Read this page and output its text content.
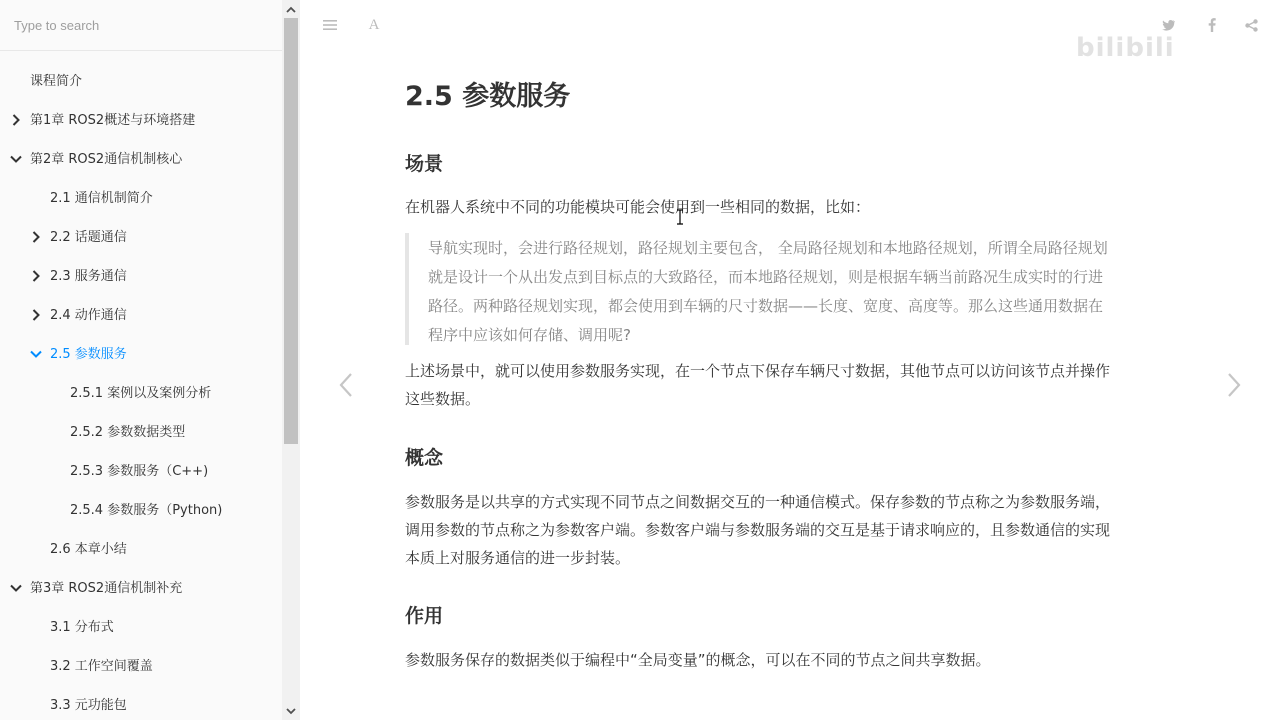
Type to search
课程简介
第1章 ROS2概述与环境搭建
第2章 ROS2通信机制核心
2.1 通信机制简介
2.2 话题通信
2.3 服务通信
2.4 动作通信
2.5 参数服务
2.5.1 案例以及案例分析
2.5.2 参数数据类型
2.5.3 参数服务（C++)
2.5.4 参数服务（Python)
2.6 本章小结
第3章 ROS2通信机制补充
3.1 分布式
3.2 工作空间覆盖
3.3 元功能包
A
bilibili
2.5 参数服务
场景

在机器人系统中不同的功能模块可能会使用到一些相同的数据，比如：

导航实现时，会进行路径规划，路径规划主要包含， 全局路径规划和本地路径规划，所谓全局路径规划
就是设计一个从出发点到目标点的大致路径，而本地路径规划，则是根据车辆当前路况生成实时的行进
路径。两种路径规划实现，都会使用到车辆的尺寸数据——长度、宽度、高度等。那么这些通用数据在
程序中应该如何存储、调用呢?

上述场景中，就可以使用参数服务实现，在一个节点下保存车辆尺寸数据，其他节点可以访问该节点并操作
这些数据。

概念

参数服务是以共享的方式实现不同节点之间数据交互的一种通信模式。保存参数的节点称之为参数服务端，
调用参数的节点称之为参数客户端。参数客户端与参数服务端的交互是基于请求响应的，且参数通信的实现
本质上对服务通信的进一步封装。

作用

参数服务保存的数据类似于编程中“全局变量”的概念，可以在不同的节点之间共享数据。
